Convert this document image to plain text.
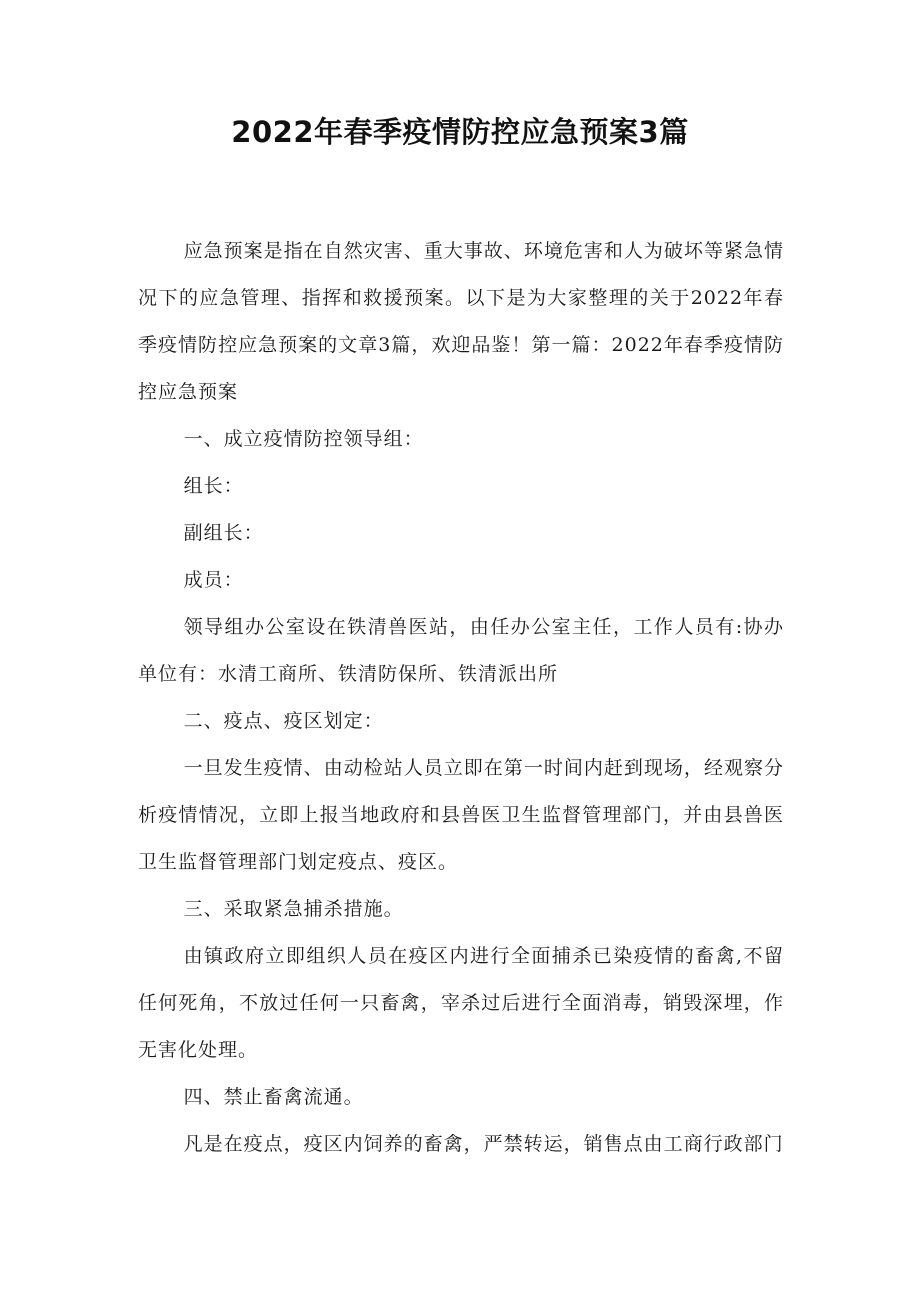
2022年春季疫情防控应急预案3篇

应急预案是指在自然灾害、重大事故、环境危害和人为破坏等紧急情况下的应急管理、指挥和救援预案。以下是为大家整理的关于2022年春季疫情防控应急预案的文章3篇，欢迎品鉴！第一篇：2022年春季疫情防控应急预案

一、成立疫情防控领导组：

组长：

副组长：

成员：

领导组办公室设在铁清兽医站，由任办公室主任，工作人员有:协办单位有：水清工商所、铁清防保所、铁清派出所

二、疫点、疫区划定：

一旦发生疫情、由动检站人员立即在第一时间内赶到现场，经观察分析疫情情况，立即上报当地政府和县兽医卫生监督管理部门，并由县兽医卫生监督管理部门划定疫点、疫区。

三、采取紧急捕杀措施。

由镇政府立即组织人员在疫区内进行全面捕杀已染疫情的畜禽,不留任何死角，不放过任何一只畜禽，宰杀过后进行全面消毒，销毁深埋，作无害化处理。

四、禁止畜禽流通。

凡是在疫点，疫区内饲养的畜禽，严禁转运，销售点由工商行政部门
